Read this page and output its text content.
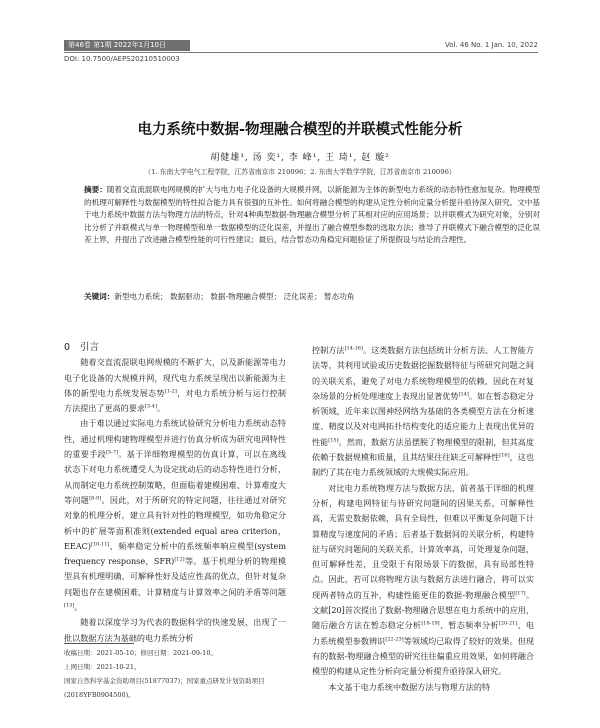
第46卷 第1期 2022年1月10日	Vol. 46 No. 1 Jan. 10, 2022
DOI: 10.7500/AEPS20210510003
电力系统中数据-物理融合模型的并联模式性能分析
胡健雄¹, 汤 奕¹, 李 峰¹, 王 琦¹, 赵 璇²
（1. 东南大学电气工程学院，江苏省南京市 210096；2. 东南大学数学学院，江苏省南京市 210096）
摘要：随着交直流混联电网规模的扩大与电力电子化设备的大规模并网，以新能源为主体的新型电力系统的动态特性愈加复杂。物理模型的机理可解释性与数据模型的特性拟合能力具有很强的互补性。如何将融合模型的构建从定性分析向定量分析提升亟待深入研究。文中基于电力系统中数据方法与物理方法的特点，针对4种典型数据-物理融合模型分析了其相对应的应用场景；以并联模式为研究对象，分别对比分析了并联模式与单一物理模型和单一数据模型的泛化误差，并提出了融合模型参数的选取方法；推导了并联模式下融合模型的泛化误差上界，并提出了改进融合模型性能的可行性建议；最后，结合暂态功角稳定问题验证了所提假设与结论的合理性。
关键词：新型电力系统； 数据驱动； 数据-物理融合模型； 泛化误差； 暂态功角

0 引言

随着交直流混联电网规模的不断扩大，以及新能源等电力电子化设备的大规模并网，现代电力系统呈现出以新能源为主体的新型电力系统发展态势[1-2]，对电力系统分析与运行控制方法提出了更高的要求[3-4]。

由于难以通过实际电力系统试验研究分析电力系统动态特性，通过机理构建物理模型并进行仿真分析成为研究电网特性的重要手段[5-7]。基于详细物理模型的仿真计算，可以在离线状态下对电力系统遭受人为设定扰动后的动态特性进行分析，从而制定电力系统控制策略，但面临着建模困难、计算难度大等问题[8-9]。因此，对于所研究的特定问题，往往通过对研究对象的机理分析，建立具有针对性的物理模型，如功角稳定分析中的扩展等面积准则(extended equal area criterion，EEAC)[10-11]、频率稳定分析中的系统频率响应模型(system frequency response，SFR)[12]等。基于机理分析的物理模型具有机理明确、可解释性好及适应性高的优点，但针对复杂问题也存在建模困难、计算精度与计算效率之间的矛盾等问题[13]。

随着以深度学习为代表的数据科学的快速发展，出现了一批以数据方法为基础的电力系统分析

控制方法[14-16]。这类数据方法包括统计分析方法、人工智能方法等，其利用试验或历史数据挖掘数据特征与所研究问题之间的关联关系，避免了对电力系统物理模型的依赖，因此在对复杂场景的分析处理速度上表现出显著优势[14]。如在暂态稳定分析领域，近年来以图神经网络为基础的各类模型方法在分析速度、精度以及对电网拓扑结构变化的适应能力上表现出优异的性能[15]。然而，数据方法虽摆脱了物理模型的限制，但其高度依赖于数据规模和质量，且其结果往往缺乏可解释性[16]，这也制约了其在电力系统领域的大规模实际应用。

对比电力系统物理方法与数据方法，前者基于详细的机理分析，构建电网特征与待研究问题间的因果关系，可解释性高，无需史数据依赖，具有全局性，但难以平衡复杂问题下计算精度与速度间的矛盾；后者基于数据间的关联分析，构建特征与研究问题间的关联关系，计算效率高，可处理复杂问题，但可解释性差，且受限于有限场景下的数据，具有局部性特点。因此，若可以将物理方法与数据方法进行融合，将可以实现两者特点的互补，构建性能更佳的数据-物理融合模型[17]。文献[20]首次提出了数据-物理融合思想在电力系统中的应用，随后融合方法在暂态稳定分析[18-19]、暂态频率分析[20-21]、电力系统模型参数辨识[22-23]等领域均已取得了较好的效果。但现有的数据-物理融合模型的研究往往偏重应用效果，如何将融合模型的构建从定性分析向定量分析提升亟待深入研究。

本文基于电力系统中数据方法与物理方法的特

收稿日期：2021-05-10；修回日期：2021-09-10。
上网日期：2021-10-21。
国家自然科学基金资助项目(51877037)；国家重点研发计划资助项目(2018YFB0904500)。
